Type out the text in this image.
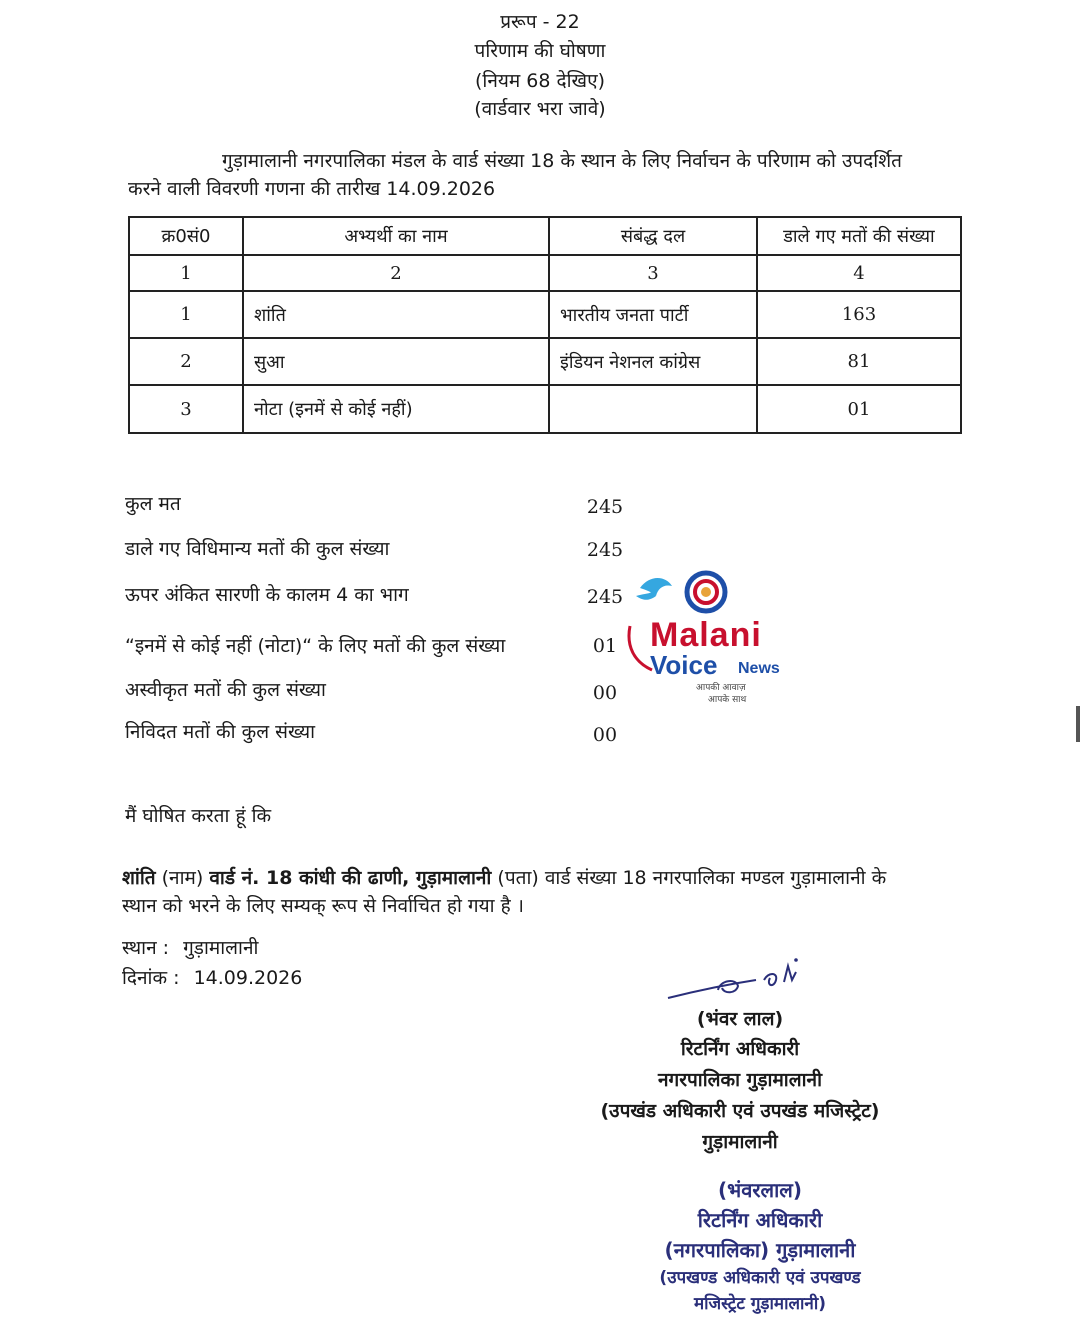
प्ररूप - 22
परिणाम की घोषणा
(नियम 68 देखिए)
(वार्डवार भरा जावे)
गुड़ामालानी नगरपालिका मंडल के वार्ड संख्या 18 के स्थान के लिए निर्वाचन के परिणाम को उपदर्शित
करने वाली विवरणी गणना की तारीख 14.09.2026
क्र0सं0	अभ्यर्थी का नाम	संबंद्ध दल	डाले गए मतों की संख्या
1	2	3	4
1	शांति	भारतीय जनता पार्टी	163
2	सुआ	इंडियन नेशनल कांग्रेस	81
3	नोटा (इनमें से कोई नहीं)		01
कुल मत	245
डाले गए विधिमान्य मतों की कुल संख्या	245
ऊपर अंकित सारणी के कालम 4 का भाग	245
“इनमें से कोई नहीं (नोटा)“ के लिए मतों की कुल संख्या	01
अस्वीकृत मतों की कुल संख्या	00
निविदत मतों की कुल संख्या	00
Malani
Voice News
आपकी आवाज़
आपके साथ
मैं घोषित करता हूं कि
शांति (नाम) वार्ड नं. 18 कांधी की ढाणी, गुड़ामालानी (पता) वार्ड संख्या 18 नगरपालिका मण्डल गुड़ामालानी के
स्थान को भरने के लिए सम्यक् रूप से निर्वाचित हो गया है ।
स्थान : गुड़ामालानी
दिनांक : 14.09.2026
(भंवर लाल)
रिटर्निंग अधिकारी
नगरपालिका गुड़ामालानी
(उपखंड अधिकारी एवं उपखंड मजिस्ट्रेट)
गुड़ामालानी
(भंवरलाल)
रिटर्निंग अधिकारी
(नगरपालिका) गुड़ामालानी
(उपखण्ड अधिकारी एवं उपखण्ड
मजिस्ट्रेट गुड़ामालानी)
